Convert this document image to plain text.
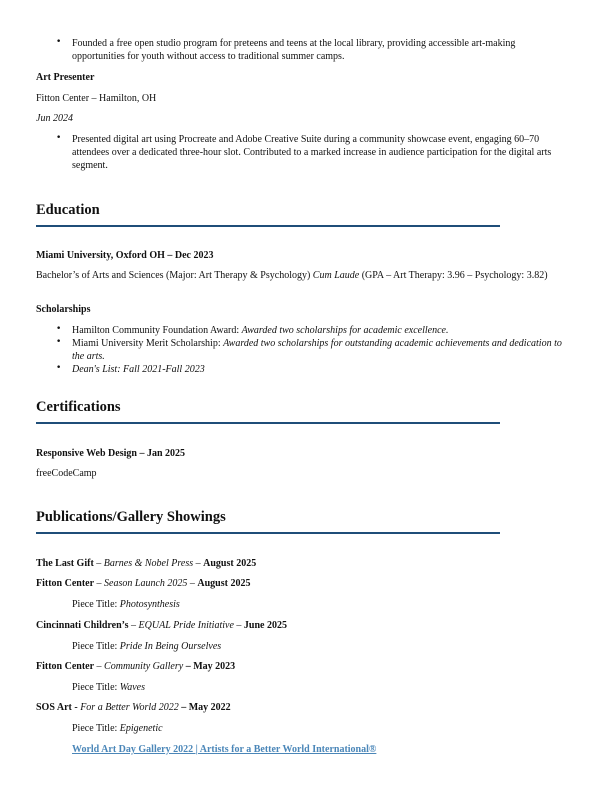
• Founded a free open studio program for preteens and teens at the local library, providing accessible art-making opportunities for youth without access to traditional summer camps.
Art Presenter
Fitton Center – Hamilton, OH
Jun 2024
• Presented digital art using Procreate and Adobe Creative Suite during a community showcase event, engaging 60–70 attendees over a dedicated three-hour slot. Contributed to a marked increase in audience participation for the digital arts segment.
Education
Miami University, Oxford OH – Dec 2023
Bachelor’s of Arts and Sciences (Major: Art Therapy & Psychology) Cum Laude (GPA – Art Therapy: 3.96 – Psychology: 3.82)
Scholarships
• Hamilton Community Foundation Award: Awarded two scholarships for academic excellence.
• Miami University Merit Scholarship: Awarded two scholarships for outstanding academic achievements and dedication to the arts.
• Dean's List: Fall 2021-Fall 2023
Certifications
Responsive Web Design – Jan 2025
freeCodeCamp
Publications/Gallery Showings
The Last Gift – Barnes & Nobel Press – August 2025
Fitton Center – Season Launch 2025 – August 2025
Piece Title: Photosynthesis
Cincinnati Children’s – EQUAL Pride Initiative – June 2025
Piece Title: Pride In Being Ourselves
Fitton Center – Community Gallery – May 2023
Piece Title: Waves
SOS Art - For a Better World 2022 – May 2022
Piece Title: Epigenetic
World Art Day Gallery 2022 | Artists for a Better World International®
